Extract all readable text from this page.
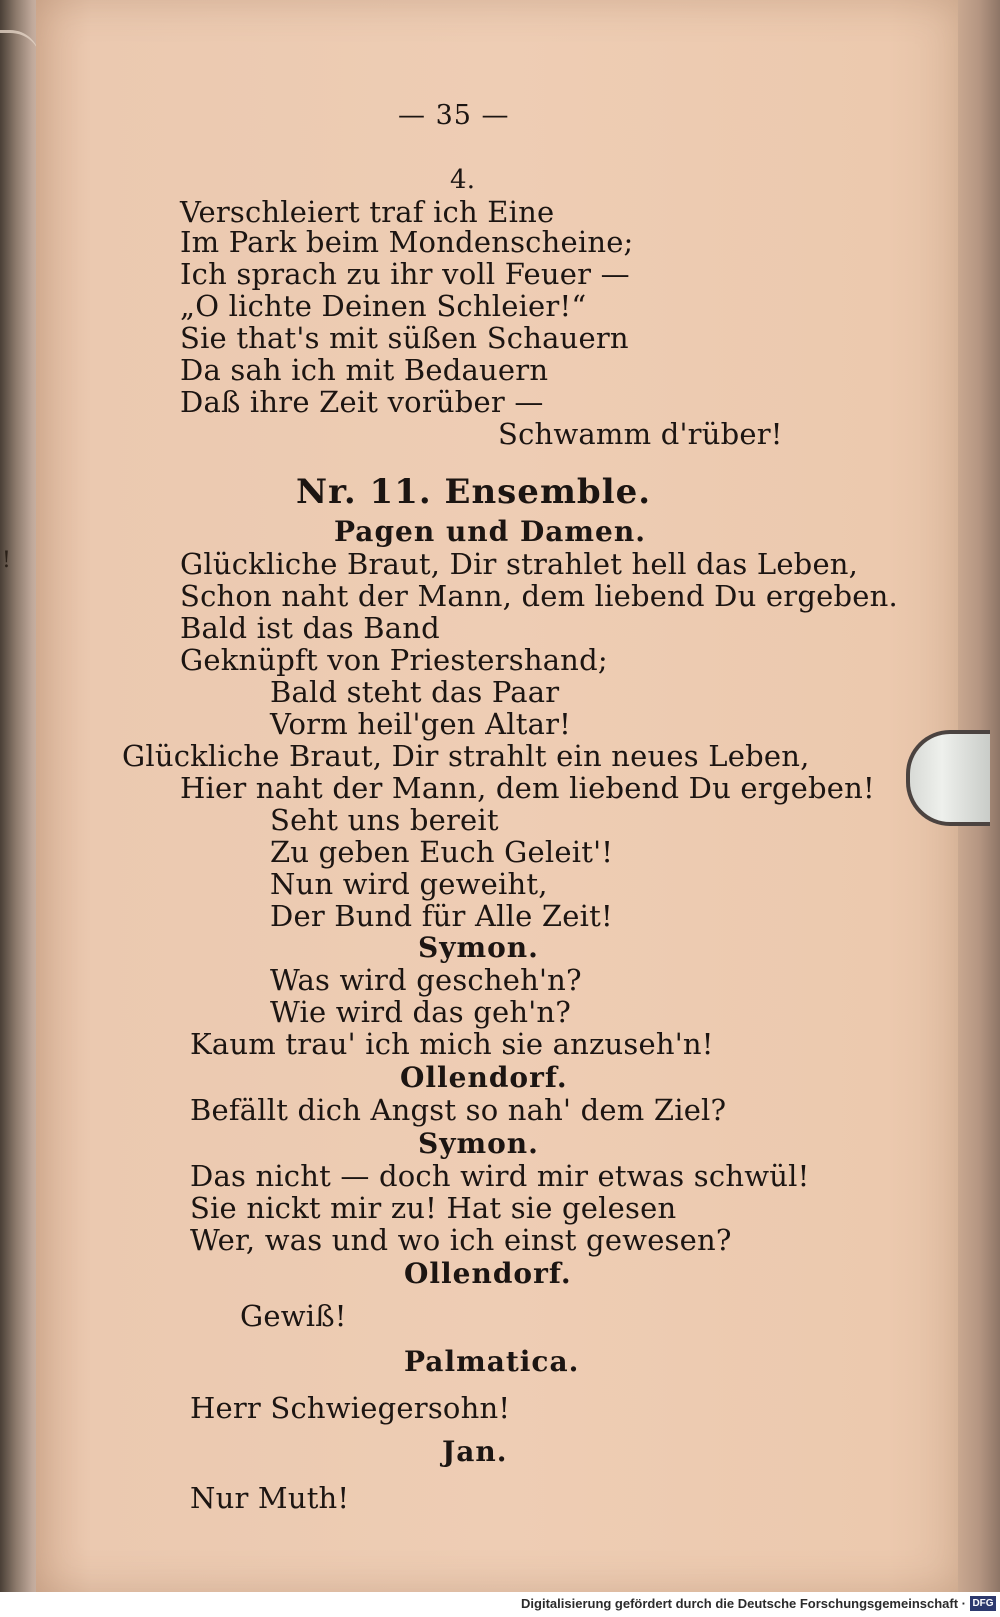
!
— 35 —
4.
Verschleiert traf ich Eine
Im Park beim Mondenscheine;
Ich sprach zu ihr voll Feuer —
„O lichte Deinen Schleier!“
Sie that's mit süßen Schauern
Da sah ich mit Bedauern
Daß ihre Zeit vorüber —
Schwamm d'rüber!
Nr. 11. Ensemble.
Pagen und Damen.
Glückliche Braut, Dir strahlet hell das Leben,
Schon naht der Mann, dem liebend Du ergeben.
Bald ist das Band
Geknüpft von Priestershand;
Bald steht das Paar
Vorm heil'gen Altar!
Glückliche Braut, Dir strahlt ein neues Leben,
Hier naht der Mann, dem liebend Du ergeben!
Seht uns bereit
Zu geben Euch Geleit'!
Nun wird geweiht,
Der Bund für Alle Zeit!
Symon.
Was wird gescheh'n?
Wie wird das geh'n?
Kaum trau' ich mich sie anzuseh'n!
Ollendorf.
Befällt dich Angst so nah' dem Ziel?
Symon.
Das nicht — doch wird mir etwas schwül!
Sie nickt mir zu! Hat sie gelesen
Wer, was und wo ich einst gewesen?
Ollendorf.
Gewiß!
Palmatica.
Herr Schwiegersohn!
Jan.
Nur Muth!
Digitalisierung gefördert durch die Deutsche Forschungsgemeinschaft · DFG
